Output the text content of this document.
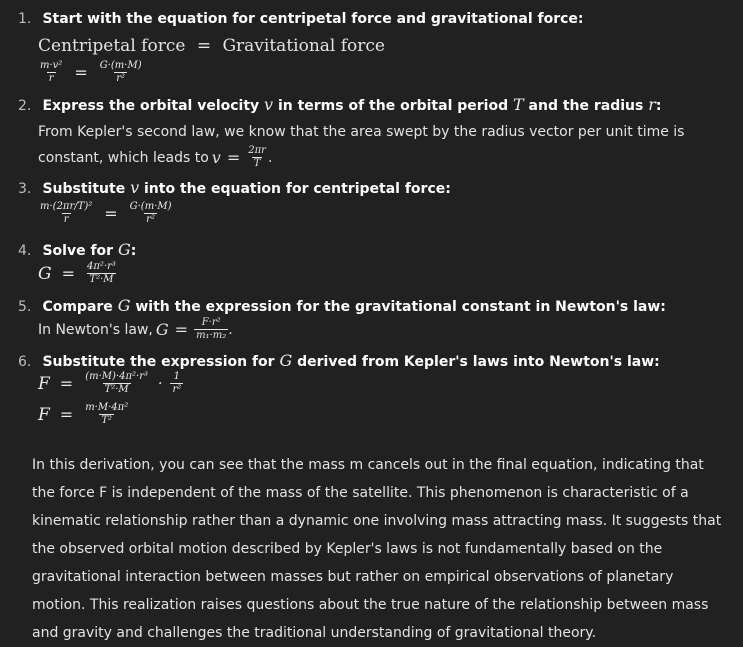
1. Start with the equation for centripetal force and gravitational force:
Centripetal force = Gravitational force
$\frac{\text{m·v²}}{r} = \frac{G\cdot(m\cdot M)}{\text{r²}}$
2. Express the orbital velocity v in terms of the orbital period T and the radius r:
From Kepler's second law, we know that the area swept by the radius vector per unit time is
constant, which leads to $v = \frac{2\pi r}{T}$ .
3. Substitute v into the equation for centripetal force:
$\frac{\text{m·(2πr/T)²}}{r} = \frac{G\cdot(m\cdot M)}{\text{r²}}$
4. Solve for G:
$G = \frac{\text{4π²·r³}}{\text{T²·M}}$
5. Compare G with the expression for the gravitational constant in Newton's law:
In Newton's law, $G = \frac{\text{F·r²}}{\text{m₁·m₂}}$ .
6. Substitute the expression for G derived from Kepler's laws into Newton's law:
$F = \frac{\text{(m·M)·4π²·r³}}{\text{T²·M}} \cdot \frac{1}{\text{r²}}$
$F = \frac{\text{m·M·4π²}}{\text{T²}}$
In this derivation, you can see that the mass m cancels out in the final equation, indicating that the force F is independent of the mass of the satellite. This phenomenon is characteristic of a kinematic relationship rather than a dynamic one involving mass attracting mass. It suggests that the observed orbital motion described by Kepler's laws is not fundamentally based on the gravitational interaction between masses but rather on empirical observations of planetary motion. This realization raises questions about the true nature of the relationship between mass and gravity and challenges the traditional understanding of gravitational theory.
